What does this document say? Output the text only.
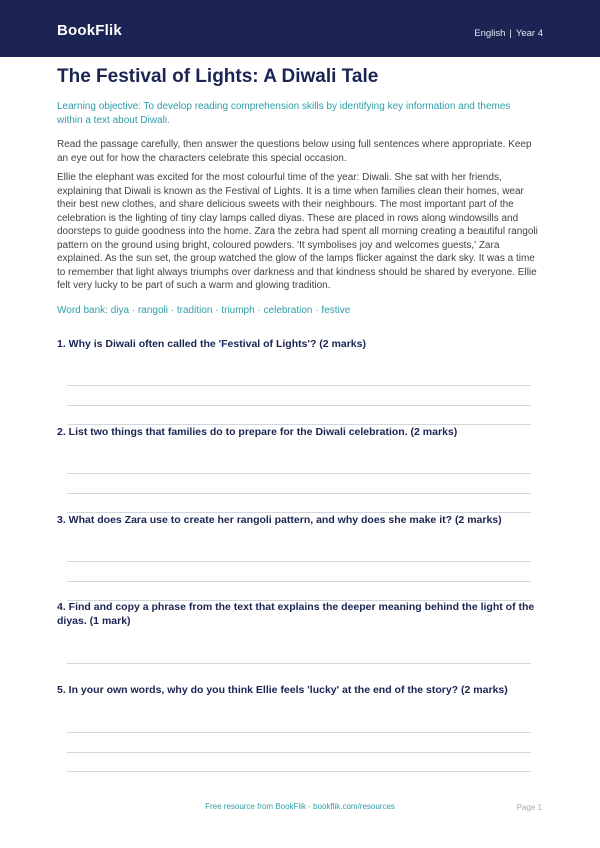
BookFlik	English | Year 4
The Festival of Lights: A Diwali Tale

Learning objective: To develop reading comprehension skills by identifying key information and themes within a text about Diwali.

Read the passage carefully, then answer the questions below using full sentences where appropriate. Keep an eye out for how the characters celebrate this special occasion.

Ellie the elephant was excited for the most colourful time of the year: Diwali. She sat with her friends, explaining that Diwali is known as the Festival of Lights. It is a time when families clean their homes, wear their best new clothes, and share delicious sweets with their neighbours. The most important part of the celebration is the lighting of tiny clay lamps called diyas. These are placed in rows along windowsills and doorsteps to guide goodness into the home. Zara the zebra had spent all morning creating a beautiful rangoli pattern on the ground using bright, coloured powders. 'It symbolises joy and welcomes guests,' Zara explained. As the sun set, the group watched the glow of the lamps flicker against the dark sky. It was a time to remember that light always triumphs over darkness and that kindness should be shared by everyone. Ellie felt very lucky to be part of such a warm and glowing tradition.

Word bank: diya · rangoli · tradition · triumph · celebration · festive

1. Why is Diwali often called the 'Festival of Lights'? (2 marks)
2. List two things that families do to prepare for the Diwali celebration. (2 marks)
3. What does Zara use to create her rangoli pattern, and why does she make it? (2 marks)
4. Find and copy a phrase from the text that explains the deeper meaning behind the light of the diyas. (1 mark)
5. In your own words, why do you think Ellie feels 'lucky' at the end of the story? (2 marks)
Free resource from BookFlik · bookflik.com/resources	Page 1
